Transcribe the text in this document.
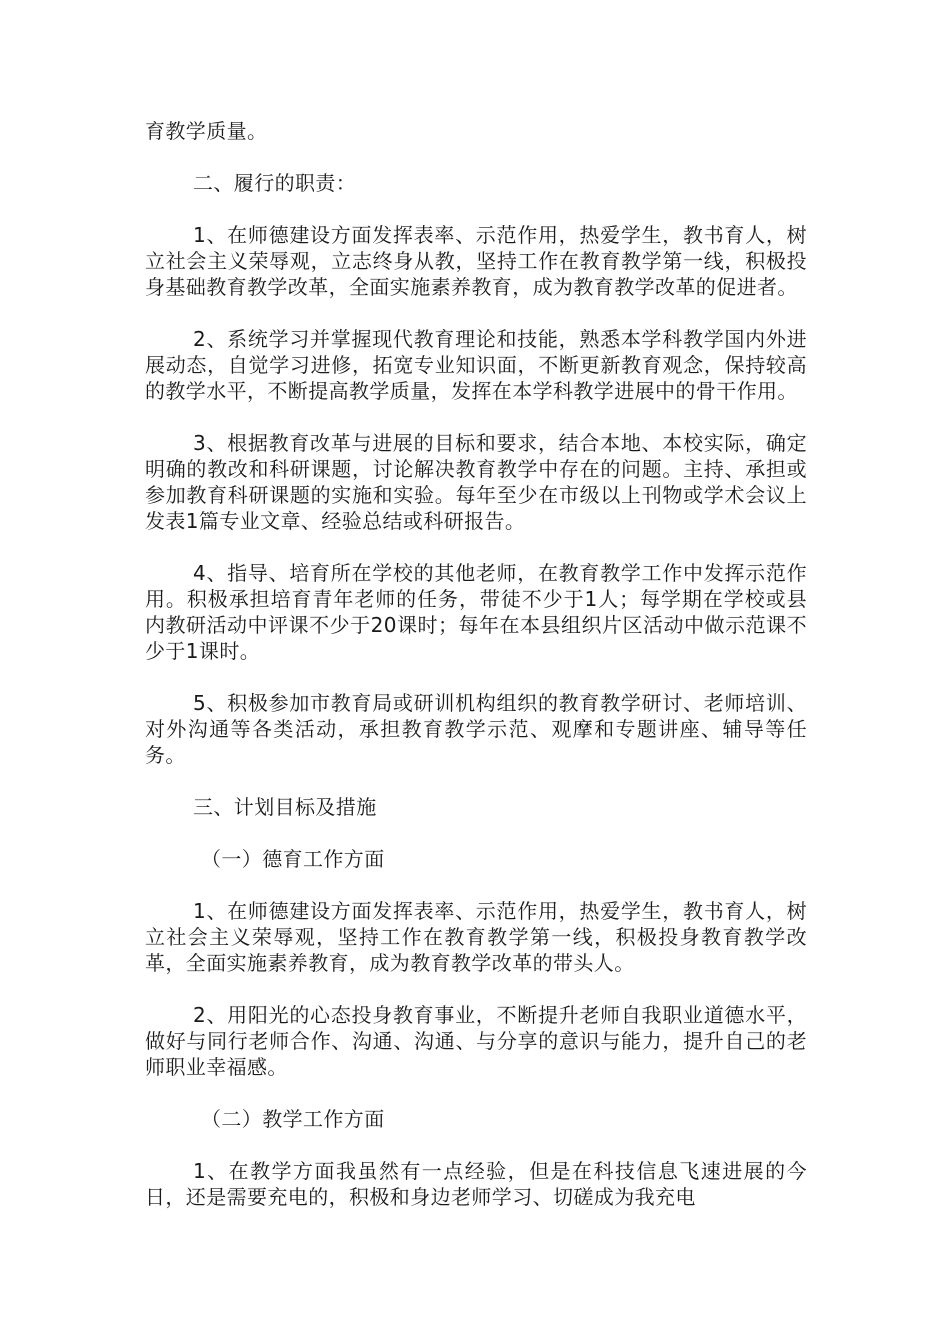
育教学质量。

二、履行的职责：

1、在师德建设方面发挥表率、示范作用，热爱学生，教书育人，树立社会主义荣辱观，立志终身从教，坚持工作在教育教学第一线，积极投身基础教育教学改革，全面实施素养教育，成为教育教学改革的促进者。

2、系统学习并掌握现代教育理论和技能，熟悉本学科教学国内外进展动态，自觉学习进修，拓宽专业知识面，不断更新教育观念，保持较高的教学水平，不断提高教学质量，发挥在本学科教学进展中的骨干作用。

3、根据教育改革与进展的目标和要求，结合本地、本校实际，确定明确的教改和科研课题，讨论解决教育教学中存在的问题。主持、承担或参加教育科研课题的实施和实验。每年至少在市级以上刊物或学术会议上发表1篇专业文章、经验总结或科研报告。

4、指导、培育所在学校的其他老师，在教育教学工作中发挥示范作用。积极承担培育青年老师的任务，带徒不少于1人；每学期在学校或县内教研活动中评课不少于20课时；每年在本县组织片区活动中做示范课不少于1课时。

5、积极参加市教育局或研训机构组织的教育教学研讨、老师培训、对外沟通等各类活动，承担教育教学示范、观摩和专题讲座、辅导等任务。

三、计划目标及措施

（一）德育工作方面

1、在师德建设方面发挥表率、示范作用，热爱学生，教书育人，树立社会主义荣辱观，坚持工作在教育教学第一线，积极投身教育教学改革，全面实施素养教育，成为教育教学改革的带头人。

2、用阳光的心态投身教育事业，不断提升老师自我职业道德水平，做好与同行老师合作、沟通、沟通、与分享的意识与能力，提升自己的老师职业幸福感。

（二）教学工作方面

1、在教学方面我虽然有一点经验，但是在科技信息飞速进展的今日，还是需要充电的，积极和身边老师学习、切磋成为我充电
